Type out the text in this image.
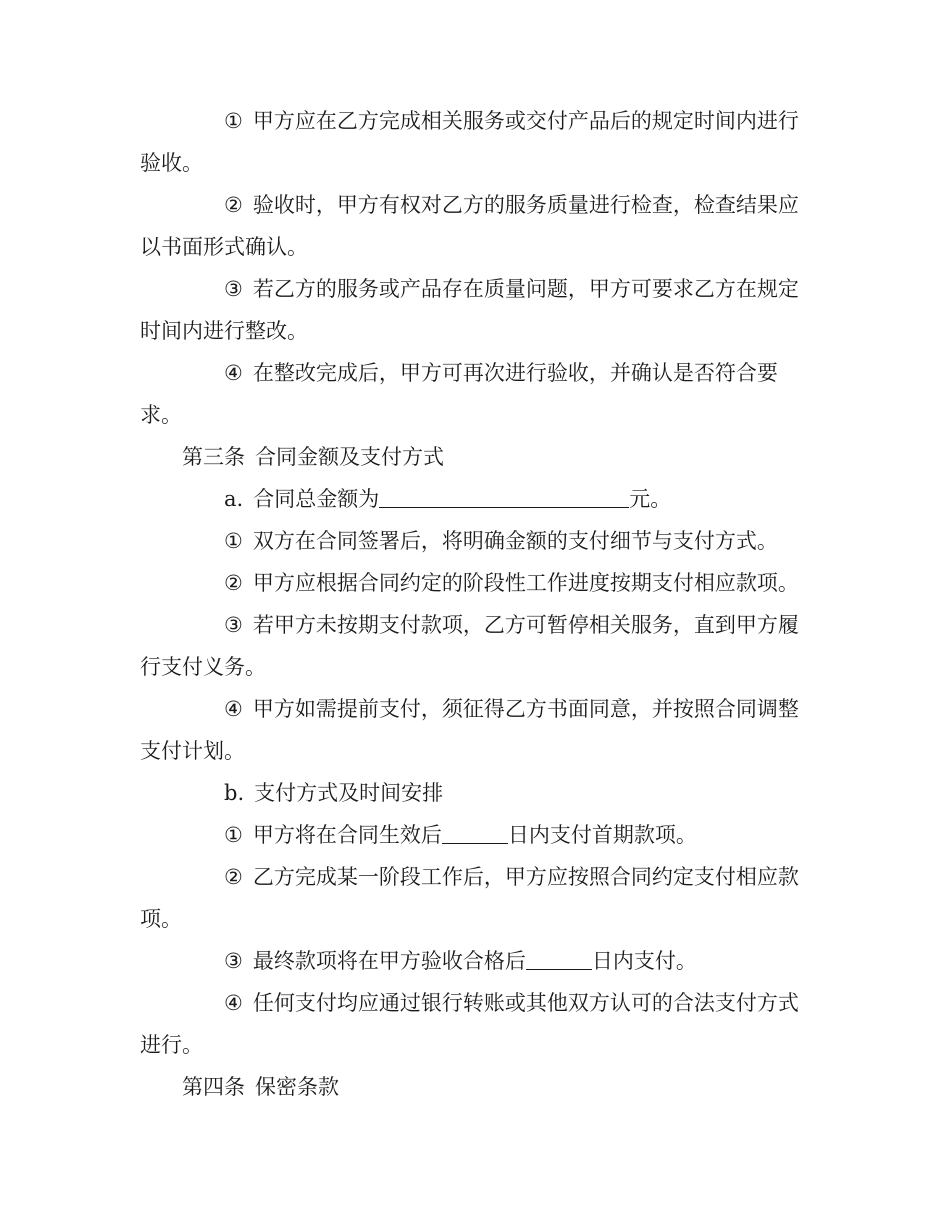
① 甲方应在乙方完成相关服务或交付产品后的规定时间内进行验收。

② 验收时，甲方有权对乙方的服务质量进行检查，检查结果应以书面形式确认。

③ 若乙方的服务或产品存在质量问题，甲方可要求乙方在规定时间内进行整改。

④ 在整改完成后，甲方可再次进行验收，并确认是否符合要求。

第三条 合同金额及支付方式

a. 合同总金额为	元。

① 双方在合同签署后，将明确金额的支付细节与支付方式。

② 甲方应根据合同约定的阶段性工作进度按期支付相应款项。

③ 若甲方未按期支付款项，乙方可暂停相关服务，直到甲方履行支付义务。

④ 甲方如需提前支付，须征得乙方书面同意，并按照合同调整支付计划。

b. 支付方式及时间安排

① 甲方将在合同生效后	日内支付首期款项。

② 乙方完成某一阶段工作后，甲方应按照合同约定支付相应款项。

③ 最终款项将在甲方验收合格后	日内支付。

④ 任何支付均应通过银行转账或其他双方认可的合法支付方式进行。

第四条 保密条款
